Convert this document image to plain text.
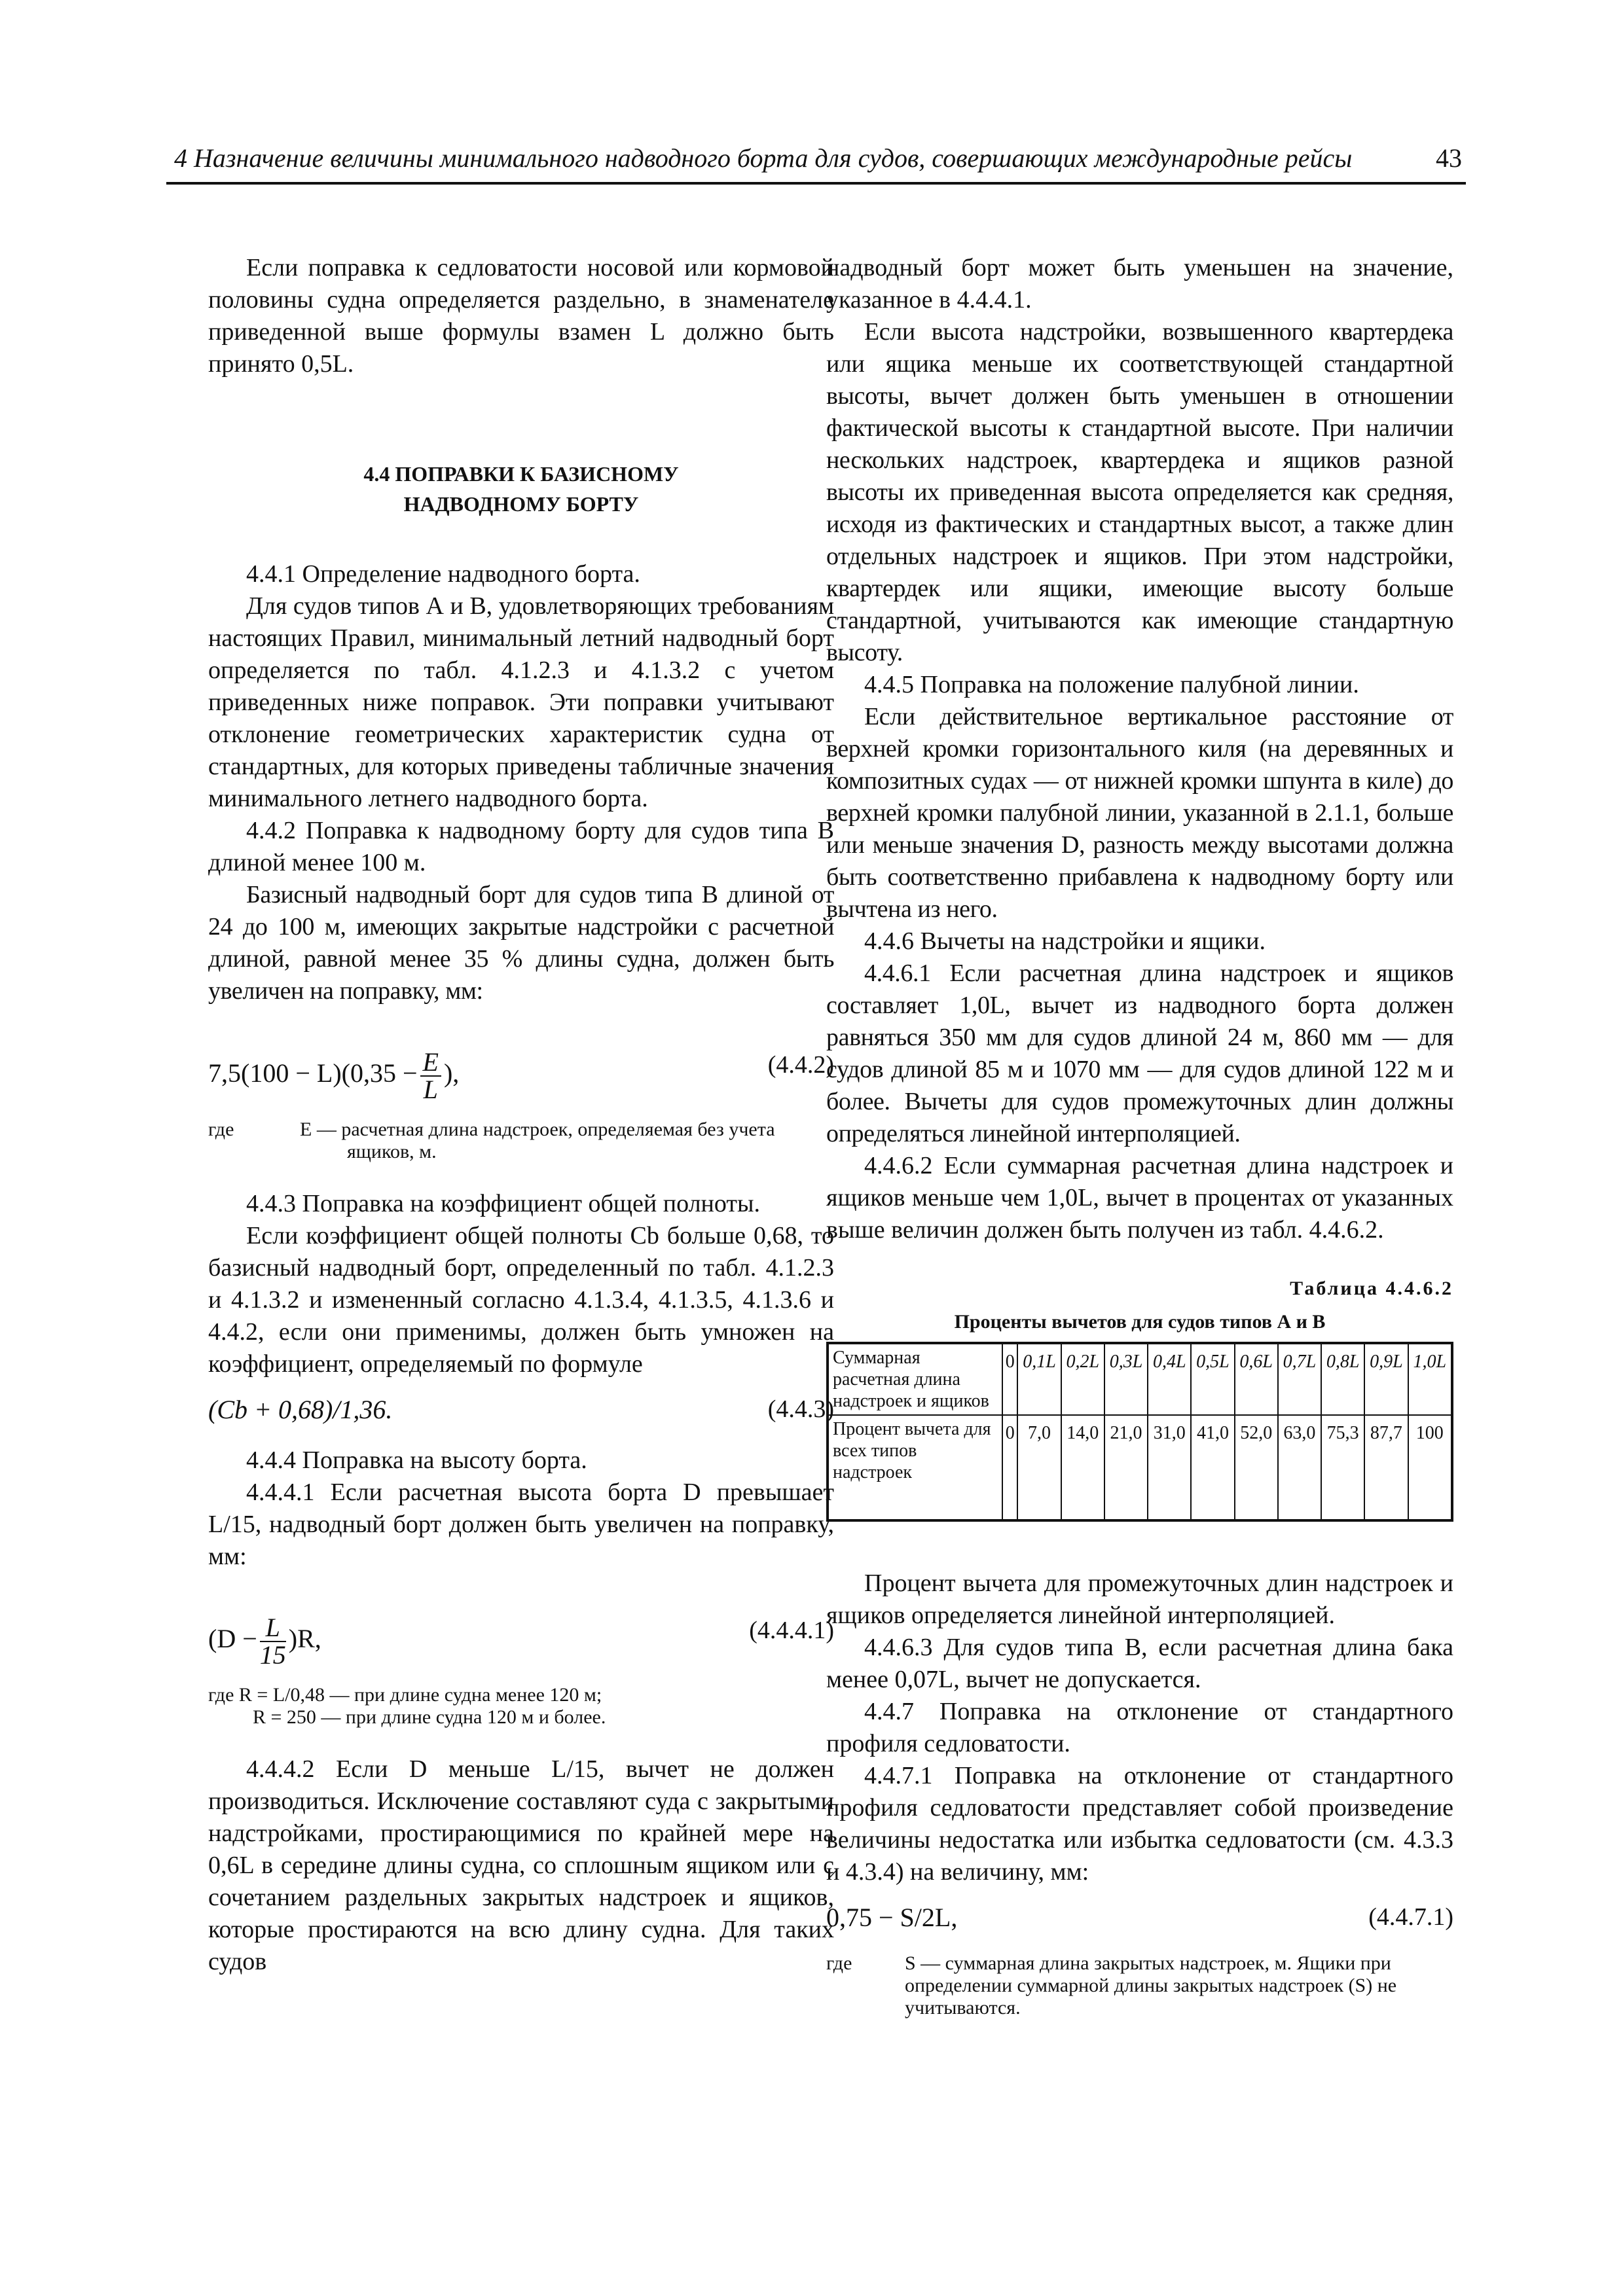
4 Назначение величины минимального надводного борта для судов, совершающих международные рейсы	43

Если поправка к седловатости носовой или кормовой половины судна определяется раздельно, в знаменателе приведенной выше формулы взамен L должно быть принято 0,5L.

4.4 ПОПРАВКИ К БАЗИСНОМУ
НАДВОДНОМУ БОРТУ

4.4.1 Определение надводного борта.

Для судов типов А и В, удовлетворяющих требованиям настоящих Правил, минимальный летний надводный борт определяется по табл. 4.1.2.3 и 4.1.3.2 с учетом приведенных ниже поправок. Эти поправки учитывают отклонение геометрических характеристик судна от стандартных, для которых приведены табличные значения минимального летнего надводного борта.

4.4.2 Поправка к надводному борту для судов типа В длиной менее 100 м.

Базисный надводный борт для судов типа В длиной от 24 до 100 м, имеющих закрытые надстройки с расчетной длиной, равной менее 35 % длины судна, должен быть увеличен на поправку, мм:

$7,5(100 - L)(0,35 - \frac{E}{L}$ ),	(4.4.2)
где	E — расчетная длина надстроек, определяемая без учета
ящиков, м.

4.4.3 Поправка на коэффициент общей полноты.

Если коэффициент общей полноты Cb больше 0,68, то базисный надводный борт, определенный по табл. 4.1.2.3 и 4.1.3.2 и измененный согласно 4.1.3.4, 4.1.3.5, 4.1.3.6 и 4.4.2, если они применимы, должен быть умножен на коэффициент, определяемый по формуле

(Cb + 0,68)/1,36.	(4.4.3)

4.4.4 Поправка на высоту борта.

4.4.4.1 Если расчетная высота борта D превышает L/15, надводный борт должен быть увеличен на поправку, мм:

$(D - \frac{L}{15} )R$,	(4.4.4.1)
где R = L/0,48 — при длине судна менее 120 м;
R = 250 — при длине судна 120 м и более.

4.4.4.2 Если D меньше L/15, вычет не должен производиться. Исключение составляют суда с закрытыми надстройками, простирающимися по крайней мере на 0,6L в середине длины судна, со сплошным ящиком или с сочетанием раздельных закрытых надстроек и ящиков, которые простираются на всю длину судна. Для таких судов

надводный борт может быть уменьшен на значение, указанное в 4.4.4.1.

Если высота надстройки, возвышенного квартердека или ящика меньше их соответствующей стандартной высоты, вычет должен быть уменьшен в отношении фактической высоты к стандартной высоте. При наличии нескольких надстроек, квартердека и ящиков разной высоты их приведенная высота определяется как средняя, исходя из фактических и стандартных высот, а также длин отдельных надстроек и ящиков. При этом надстройки, квартердек или ящики, имеющие высоту больше стандартной, учитываются как имеющие стандартную высоту.

4.4.5 Поправка на положение палубной линии.

Если действительное вертикальное расстояние от верхней кромки горизонтального киля (на деревянных и композитных судах — от нижней кромки шпунта в киле) до верхней кромки палубной линии, указанной в 2.1.1, больше или меньше значения D, разность между высотами должна быть соответственно прибавлена к надводному борту или вычтена из него.

4.4.6 Вычеты на надстройки и ящики.

4.4.6.1 Если расчетная длина надстроек и ящиков составляет 1,0L, вычет из надводного борта должен равняться 350 мм для судов длиной 24 м, 860 мм — для судов длиной 85 м и 1070 мм — для судов длиной 122 м и более. Вычеты для судов промежуточных длин должны определяться линейной интерполяцией.

4.4.6.2 Если суммарная расчетная длина надстроек и ящиков меньше чем 1,0L, вычет в процентах от указанных выше величин должен быть получен из табл. 4.4.6.2.

Таблица 4.4.6.2
Проценты вычетов для судов типов А и В
Суммарная расчетная длина надстроек и ящиков	0	0,1L	0,2L	0,3L	0,4L	0,5L	0,6L	0,7L	0,8L	0,9L	1,0L
Процент вычета для всех типов надстроек	0	7,0	14,0	21,0	31,0	41,0	52,0	63,0	75,3	87,7	100

Процент вычета для промежуточных длин надстроек и ящиков определяется линейной интерполяцией.

4.4.6.3 Для судов типа В, если расчетная длина бака менее 0,07L, вычет не допускается.

4.4.7 Поправка на отклонение от стандартного профиля седловатости.

4.4.7.1 Поправка на отклонение от стандартного профиля седловатости представляет собой произведение величины недостатка или избытка седловатости (см. 4.3.3 и 4.3.4) на величину, мм:

0,75 − S/2L,	(4.4.7.1)
где	S — суммарная длина закрытых надстроек, м. Ящики при определении суммарной длины закрытых надстроек (S) не учитываются.
